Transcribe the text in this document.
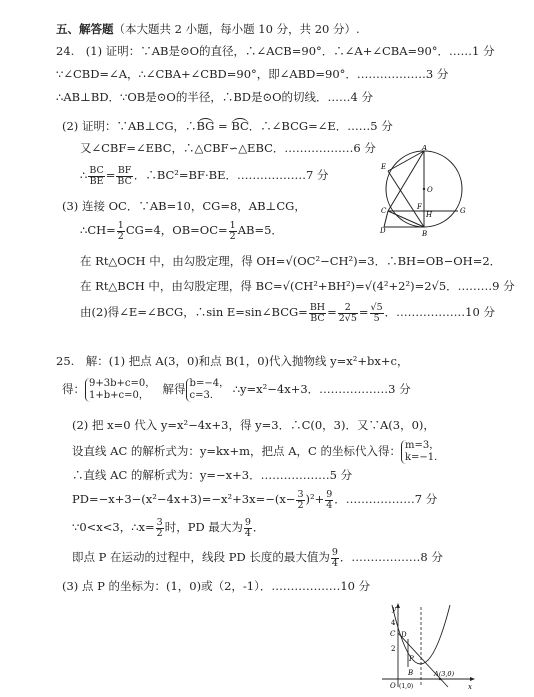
五、解答题（本大题共 2 小题，每小题 10 分，共 20 分）.
24.　(1) 证明：∵AB是⊙O的直径，∴∠ACB=90°．∴∠A+∠CBA=90°．……1 分
∵∠CBD=∠A，∴∠CBA+∠CBD=90°，即∠ABD=90°．………………3 分
∴AB⊥BD．∵OB是⊙O的半径，∴BD是⊙O的切线．……4 分
(2) 证明：∵AB⊥CG，∴BG = BC．∴∠BCG=∠E．……5 分
又∠CBF=∠EBC，∴△CBF∽△EBC．………………6 分
∴ $\frac{BC}{BE} = \frac{BF}{BC}$ ．∴BC²=BF·BE．………………7 分
(3) 连接 OC．∵AB=10，CG=8，AB⊥CG，
∴CH= $\frac{1}{2} CG=4$，$OB=OC= \frac{1}{2} AB=5$．
在 Rt△OCH 中，由勾股定理，得 OH=√(OC²−CH²)=3．∴BH=OB−OH=2．
在 Rt△BCH 中，由勾股定理，得 BC=√(CH²+BH²)=√(4²+2²)=2√5．………9 分
由(2)得∠E=∠BCG，∴sin E=sin∠BCG= $\frac{BH}{BC} = \frac{2}{2√5} = \frac{√5}{5}$ ．………………10 分
A
O
E
F
C	H	G
D	B
25.　解：(1) 把点 A(3，0)和点 B(1，0)代入抛物线 y=x²+bx+c，
得： 9+3b+c=0，
1+b+c=0，	解得 b=−4，
c=3．	∴y=x²−4x+3．………………3 分
(2) 把 x=0 代入 y=x²−4x+3，得 y=3．∴C(0，3)．又∵A(3，0)，
设直线 AC 的解析式为：y=kx+m，把点 A，C 的坐标代入得： m=3，
k=−1．
∴直线 AC 的解析式为：y=−x+3．………………5 分
$PD=-x+3-(x^2-4x+3)=-x^2+3x=-(x- \frac{3}{2} )^2+ \frac{9}{4}$ ．………………7 分
∵0<x<3，∴x= $\frac{3}{2}$ 时，PD 最大为 $\frac{9}{4}$ ．
即点 P 在运动的过程中，线段 PD 长度的最大值为 $\frac{9}{4}$ ．………………8 分
(3) 点 P 的坐标为：(1，0)或（2，-1）．………………10 分
y
x
4
C D
2
P
B	A(3,0)
O (1,0)
